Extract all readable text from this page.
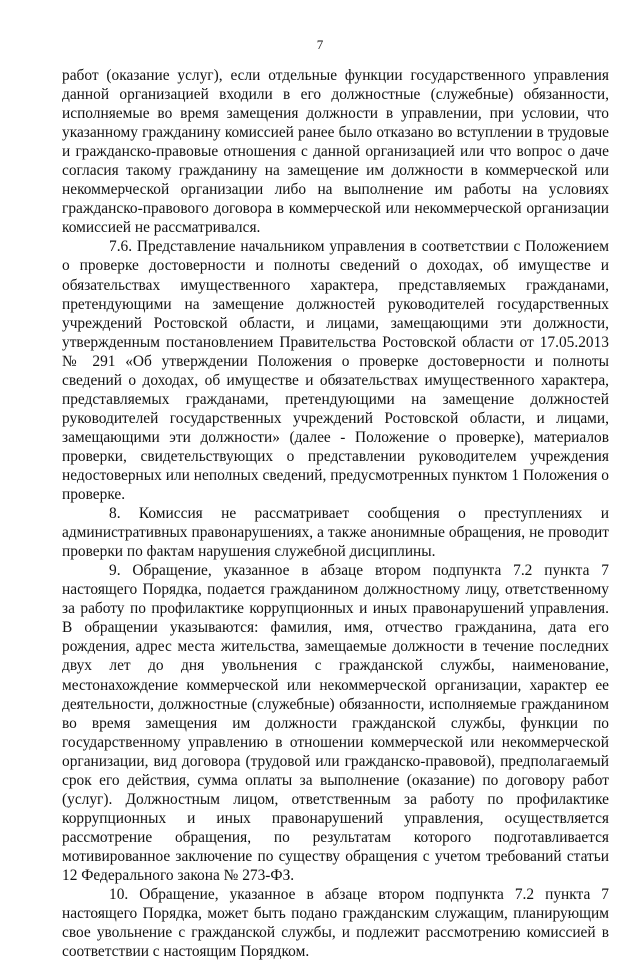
7

работ (оказание услуг), если отдельные функции государственного управления данной организацией входили в его должностные (служебные) обязанности, исполняемые во время замещения должности в управлении, при условии, что указанному гражданину комиссией ранее было отказано во вступлении в трудовые и гражданско-правовые отношения с данной организацией или что вопрос о даче согласия такому гражданину на замещение им должности в коммерческой или некоммерческой организации либо на выполнение им работы на условиях гражданско-правового договора в коммерческой или некоммерческой организации комиссией не рассматривался.

7.6. Представление начальником управления в соответствии с Положением о проверке достоверности и полноты сведений о доходах, об имуществе и обязательствах имущественного характера, представляемых гражданами, претендующими на замещение должностей руководителей государственных учреждений Ростовской области, и лицами, замещающими эти должности, утвержденным постановлением Правительства Ростовской области от 17.05.2013 № 291 «Об утверждении Положения о проверке достоверности и полноты сведений о доходах, об имуществе и обязательствах имущественного характера, представляемых гражданами, претендующими на замещение должностей руководителей государственных учреждений Ростовской области, и лицами, замещающими эти должности» (далее - Положение о проверке), материалов проверки, свидетельствующих о представлении руководителем учреждения недостоверных или неполных сведений, предусмотренных пунктом 1 Положения о проверке.

8. Комиссия не рассматривает сообщения о преступлениях и административных правонарушениях, а также анонимные обращения, не проводит проверки по фактам нарушения служебной дисциплины.

9. Обращение, указанное в абзаце втором подпункта 7.2 пункта 7 настоящего Порядка, подается гражданином должностному лицу, ответственному за работу по профилактике коррупционных и иных правонарушений управления. В обращении указываются: фамилия, имя, отчество гражданина, дата его рождения, адрес места жительства, замещаемые должности в течение последних двух лет до дня увольнения с гражданской службы, наименование, местонахождение коммерческой или некоммерческой организации, характер ее деятельности, должностные (служебные) обязанности, исполняемые гражданином во время замещения им должности гражданской службы, функции по государственному управлению в отношении коммерческой или некоммерческой организации, вид договора (трудовой или гражданско-правовой), предполагаемый срок его действия, сумма оплаты за выполнение (оказание) по договору работ (услуг). Должностным лицом, ответственным за работу по профилактике коррупционных и иных правонарушений управления, осуществляется рассмотрение обращения, по результатам которого подготавливается мотивированное заключение по существу обращения с учетом требований статьи 12 Федерального закона № 273-ФЗ.

10. Обращение, указанное в абзаце втором подпункта 7.2 пункта 7 настоящего Порядка, может быть подано гражданским служащим, планирующим свое увольнение с гражданской службы, и подлежит рассмотрению комиссией в соответствии с настоящим Порядком.
